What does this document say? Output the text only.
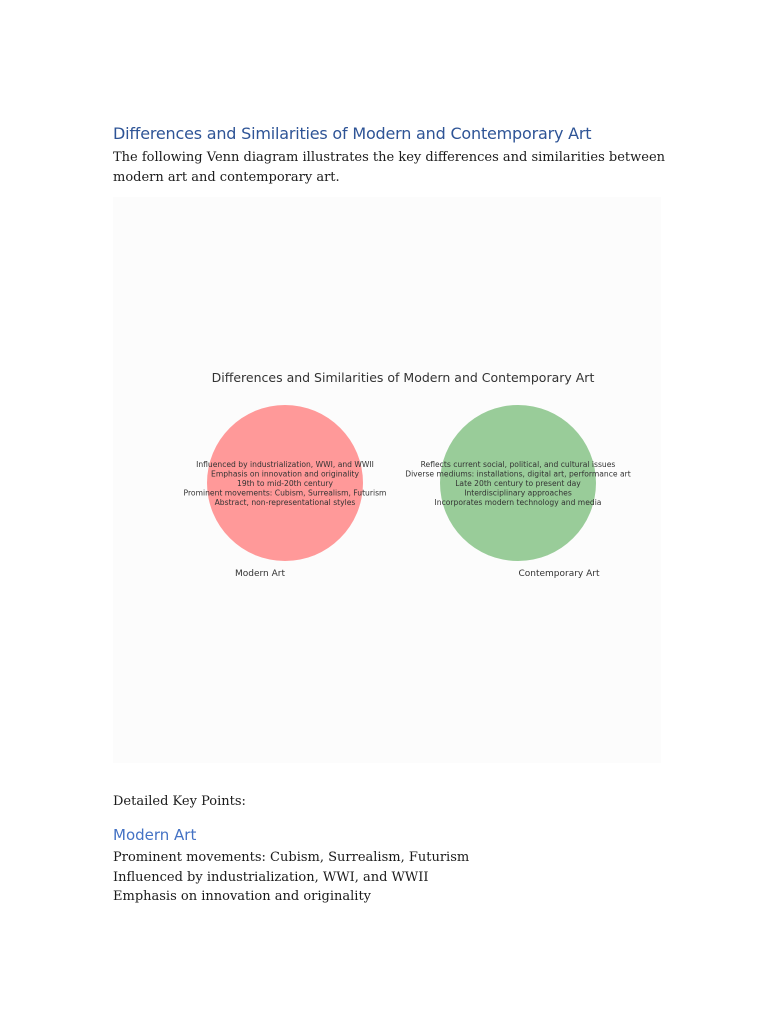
Differences and Similarities of Modern and Contemporary Art

The following Venn diagram illustrates the key differences and similarities between modern art and contemporary art.

Differences and Similarities of Modern and Contemporary Art
Influenced by industrialization, WWI, and WWII
Emphasis on innovation and originality
19th to mid-20th century
Prominent movements: Cubism, Surrealism, Futurism
Abstract, non-representational styles
Reflects current social, political, and cultural issues
Diverse mediums: installations, digital art, performance art
Late 20th century to present day
Interdisciplinary approaches
Incorporates modern technology and media
Modern Art	Contemporary Art

Detailed Key Points:

Modern Art
Prominent movements: Cubism, Surrealism, Futurism
Influenced by industrialization, WWI, and WWII
Emphasis on innovation and originality
